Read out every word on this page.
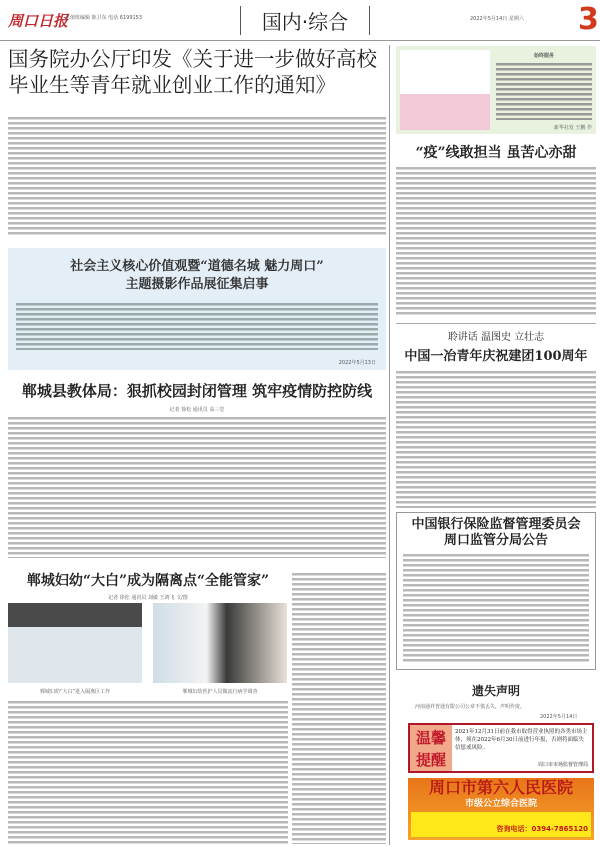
周口日报
总值班编辑 陈卫东 电话 6199153	国内·综合	2022年5月14日 星期六 3
国务院办公厅印发《关于进一步做好高校毕业生等青年就业创业工作的通知》
社会主义核心价值观暨“道德名城 魅力周口”
主题摄影作品展征集启事
2022年5月13日
郸城县教体局：狠抓校园封闭管理 筑牢疫情防控防线
记者 徐松 通讯员 高三堂
郸城妇幼“大白”成为隔离点“全能管家”
记者 徐松 通讯员 刘敏 王鸿飞 文/图
郸城妇幼“大白”进入隔离区工作	郸城妇幼医护人员做流行病学调查
始终服务
新华社发 王鹏 作
“疫”线敢担当 虽苦心亦甜
聆讲话 温图史 立壮志
中国一冶青年庆祝建团100周年
中国银行保险监督管理委员会
周口监管分局公告
遗失声明
河南通祥普通有限公司公章不慎丢失，声明作废。
2022年5月14日
温馨提醒
2021年12月31日前在我市取得营业执照的各类市场主体，须在2022年6月30日前进行年报，否则将面临失信惩戒风险。
周口市市场监督管理局
周口市第六人民医院
市级公立综合医院
咨询电话：0394-7865120
